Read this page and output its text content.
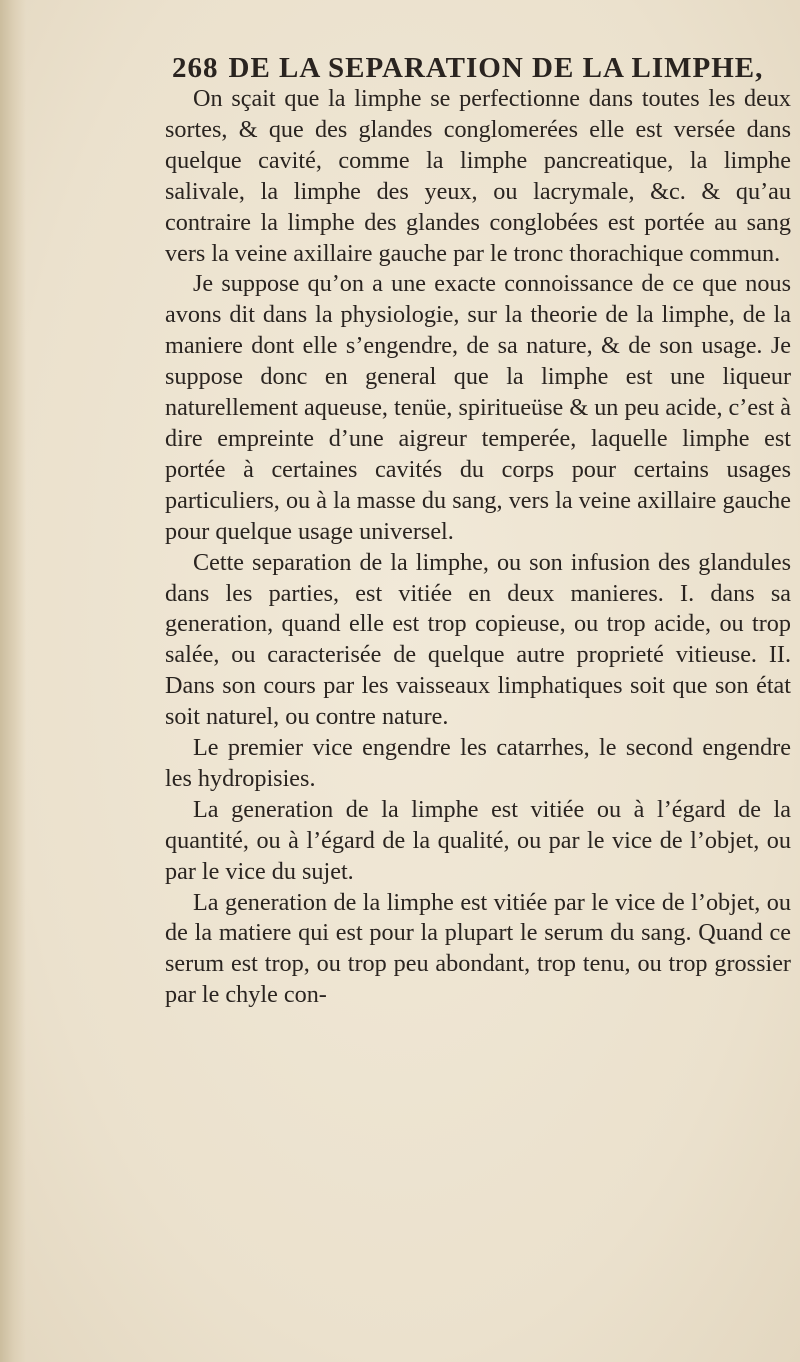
268 DE LA SEPARATION DE LA LIMPHE,

On sçait que la limphe se perfectionne dans toutes les deux sortes, & que des glandes conglomerées elle est versée dans quelque cavité, comme la limphe pancreatique, la limphe salivale, la limphe des yeux, ou lacrymale, &c. & qu’au contraire la limphe des glandes conglobées est portée au sang vers la veine axillaire gauche par le tronc thorachique commun.

Je suppose qu’on a une exacte connoissance de ce que nous avons dit dans la physiologie, sur la theorie de la limphe, de la maniere dont elle s’engendre, de sa nature, & de son usage. Je suppose donc en general que la limphe est une liqueur naturellement aqueuse, tenüe, spiritueüse & un peu acide, c’est à dire empreinte d’une aigreur temperée, laquelle limphe est portée à certaines cavités du corps pour certains usages particuliers, ou à la masse du sang, vers la veine axillaire gauche pour quelque usage universel.

Cette separation de la limphe, ou son infusion des glandules dans les parties, est vitiée en deux manieres. I. dans sa generation, quand elle est trop copieuse, ou trop acide, ou trop salée, ou caracterisée de quelque autre proprieté vitieuse. II. Dans son cours par les vaisseaux limphatiques soit que son état soit naturel, ou contre nature.

Le premier vice engendre les catarrhes, le second engendre les hydropisies.

La generation de la limphe est vitiée ou à l’égard de la quantité, ou à l’égard de la qualité, ou par le vice de l’objet, ou par le vice du sujet.

La generation de la limphe est vitiée par le vice de l’objet, ou de la matiere qui est pour la plupart le serum du sang. Quand ce serum est trop, ou trop peu abondant, trop tenu, ou trop grossier par le chyle con-
